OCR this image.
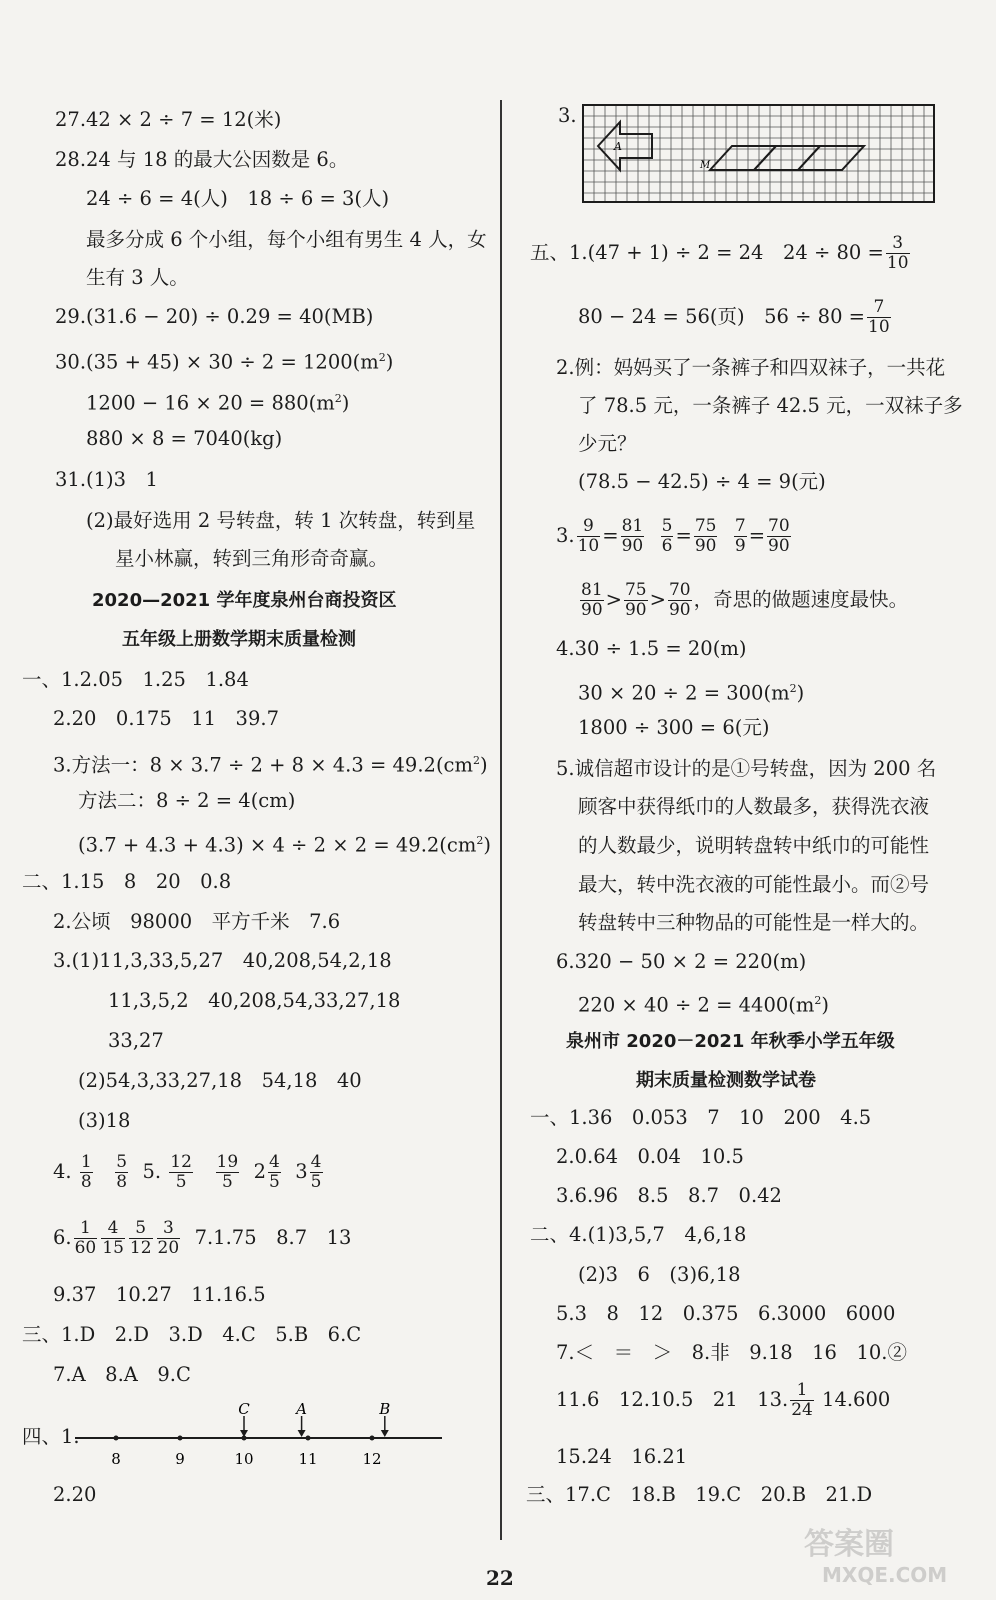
27.42 × 2 ÷ 7 = 12(米)
28.24 与 18 的最大公因数是 6。
24 ÷ 6 = 4(人)　18 ÷ 6 = 3(人)
最多分成 6 个小组，每个小组有男生 4 人，女
生有 3 人。
29.(31.6 − 20) ÷ 0.29 = 40(MB)
$30.(35 + 45) \times 30 \div 2 = 1200(m^2)$
$1200 - 16 \times 20 = 880(m^2)$
880 × 8 = 7040(kg)
31.(1)3　1
(2)最好选用 2 号转盘，转 1 次转盘，转到星
星小林赢，转到三角形奇奇赢。
2020—2021 学年度泉州台商投资区
五年级上册数学期末质量检测
一、1.2.05　1.25　1.84
2.20　0.175　11　39.7
3.方法一：$8 \times 3.7 \div 2 + 8 \times 4.3 = 49.2(cm^2)$
方法二：8 ÷ 2 = 4(cm)
$(3.7 + 4.3 + 4.3) \times 4 \div 2 \times 2 = 49.2(cm^2)$
二、1.15　8　20　0.8
2.公顷　98000　平方千米　7.6
3.(1)11,3,33,5,27　40,208,54,2,18
11,3,5,2　40,208,54,33,27,18
33,27
(2)54,3,33,27,18　54,18　40
(3)18
4. $\frac{1}{8}$
$\frac{5}{8} 5$. $\frac{12}{5}$
$\frac{19}{5} 2 \frac{4}{5} 3 \frac{4}{5}$
6. $\frac{1}{60} \frac{4}{15} \frac{5}{12} \frac{3}{20} 7.1.75$　8.7　13
9.37　10.27　11.16.5
三、1.D　2.D　3.D　4.C　5.B　6.C
7.A　8.A　9.C
四、1.
2.20
8	9	10	11	12
C	A	B
3.
五、1.(47 + 1) ÷ 2 = 24　$24 \div 80 = \frac{3}{10}$
80 − 24 = 56(页)　$56 \div 80 = \frac{7}{10}$
2.例：妈妈买了一条裤子和四双袜子，一共花
了 78.5 元，一条裤子 42.5 元，一双袜子多
少元？
(78.5 − 42.5) ÷ 4 = 9(元)
3. $\frac{9}{10} = \frac{81}{90}$
$\frac{5}{6} = \frac{75}{90}$
$\frac{7}{9} = \frac{70}{90}$
$\frac{81}{90} > \frac{75}{90} > \frac{70}{90}$ ，奇思的做题速度最快。
4.30 ÷ 1.5 = 20(m)
$30 \times 20 \div 2 = 300(m^2)$
1800 ÷ 300 = 6(元)
5.诚信超市设计的是①号转盘，因为 200 名
顾客中获得纸巾的人数最多，获得洗衣液
的人数最少，说明转盘转中纸巾的可能性
最大，转中洗衣液的可能性最小。而②号
转盘转中三种物品的可能性是一样大的。
6.320 − 50 × 2 = 220(m)
$220 \times 40 \div 2 = 4400(m^2)$
泉州市 2020－2021 年秋季小学五年级
期末质量检测数学试卷
一、1.36　0.053　7　10　200　4.5
2.0.64　0.04　10.5
3.6.96　8.5　8.7　0.42
二、4.(1)3,5,7　4,6,18
(2)3　6　(3)6,18
5.3　8　12　0.375　6.3000　6000
7.＜　＝　＞　8.非　9.18　16　10.②
11.6　12.10.5　21　13. $\frac{1}{24} 14.600$
15.24　16.21
三、17.C　18.B　19.C　20.B　21.D
A
M
22
答案圈
MXQE.COM
